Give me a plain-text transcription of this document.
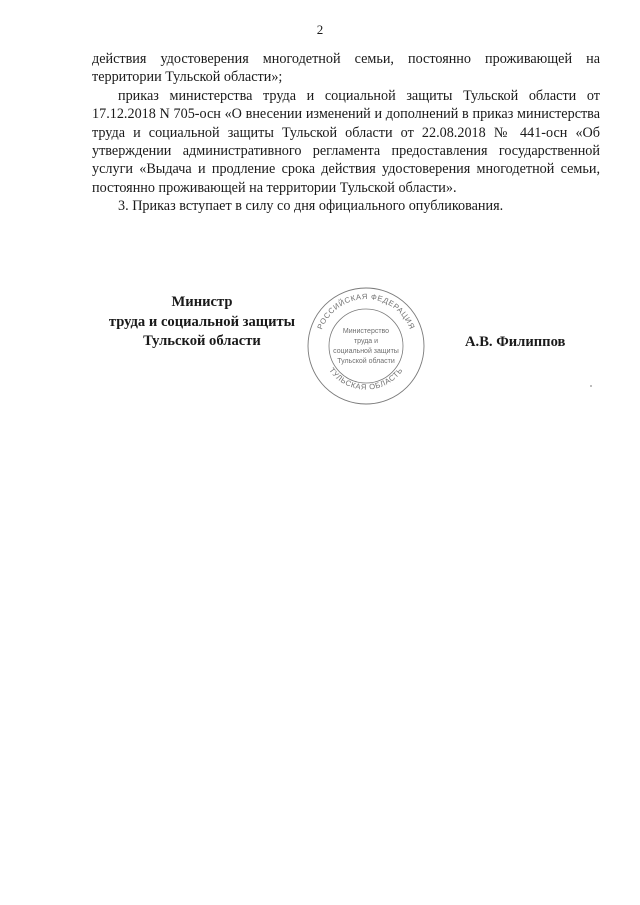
2

действия удостоверения многодетной семьи, постоянно проживающей на территории Тульской области»;

приказ министерства труда и социальной защиты Тульской области от 17.12.2018 N 705-осн «О внесении изменений и дополнений в приказ министерства труда и социальной защиты Тульской области от 22.08.2018 № 441-осн «Об утверждении административного регламента предоставления государственной услуги «Выдача и продление срока действия удостоверения многодетной семьи, постоянно проживающей на территории Тульской области».

3. Приказ вступает в силу со дня официального опубликования.

Министр
труда и социальной защиты
Тульской области
РОССИЙСКАЯ ФЕДЕРАЦИЯ
ТУЛЬСКАЯ ОБЛАСТЬ
Министерство
труда и
социальной защиты
Тульской области
А.В. Филиппов
